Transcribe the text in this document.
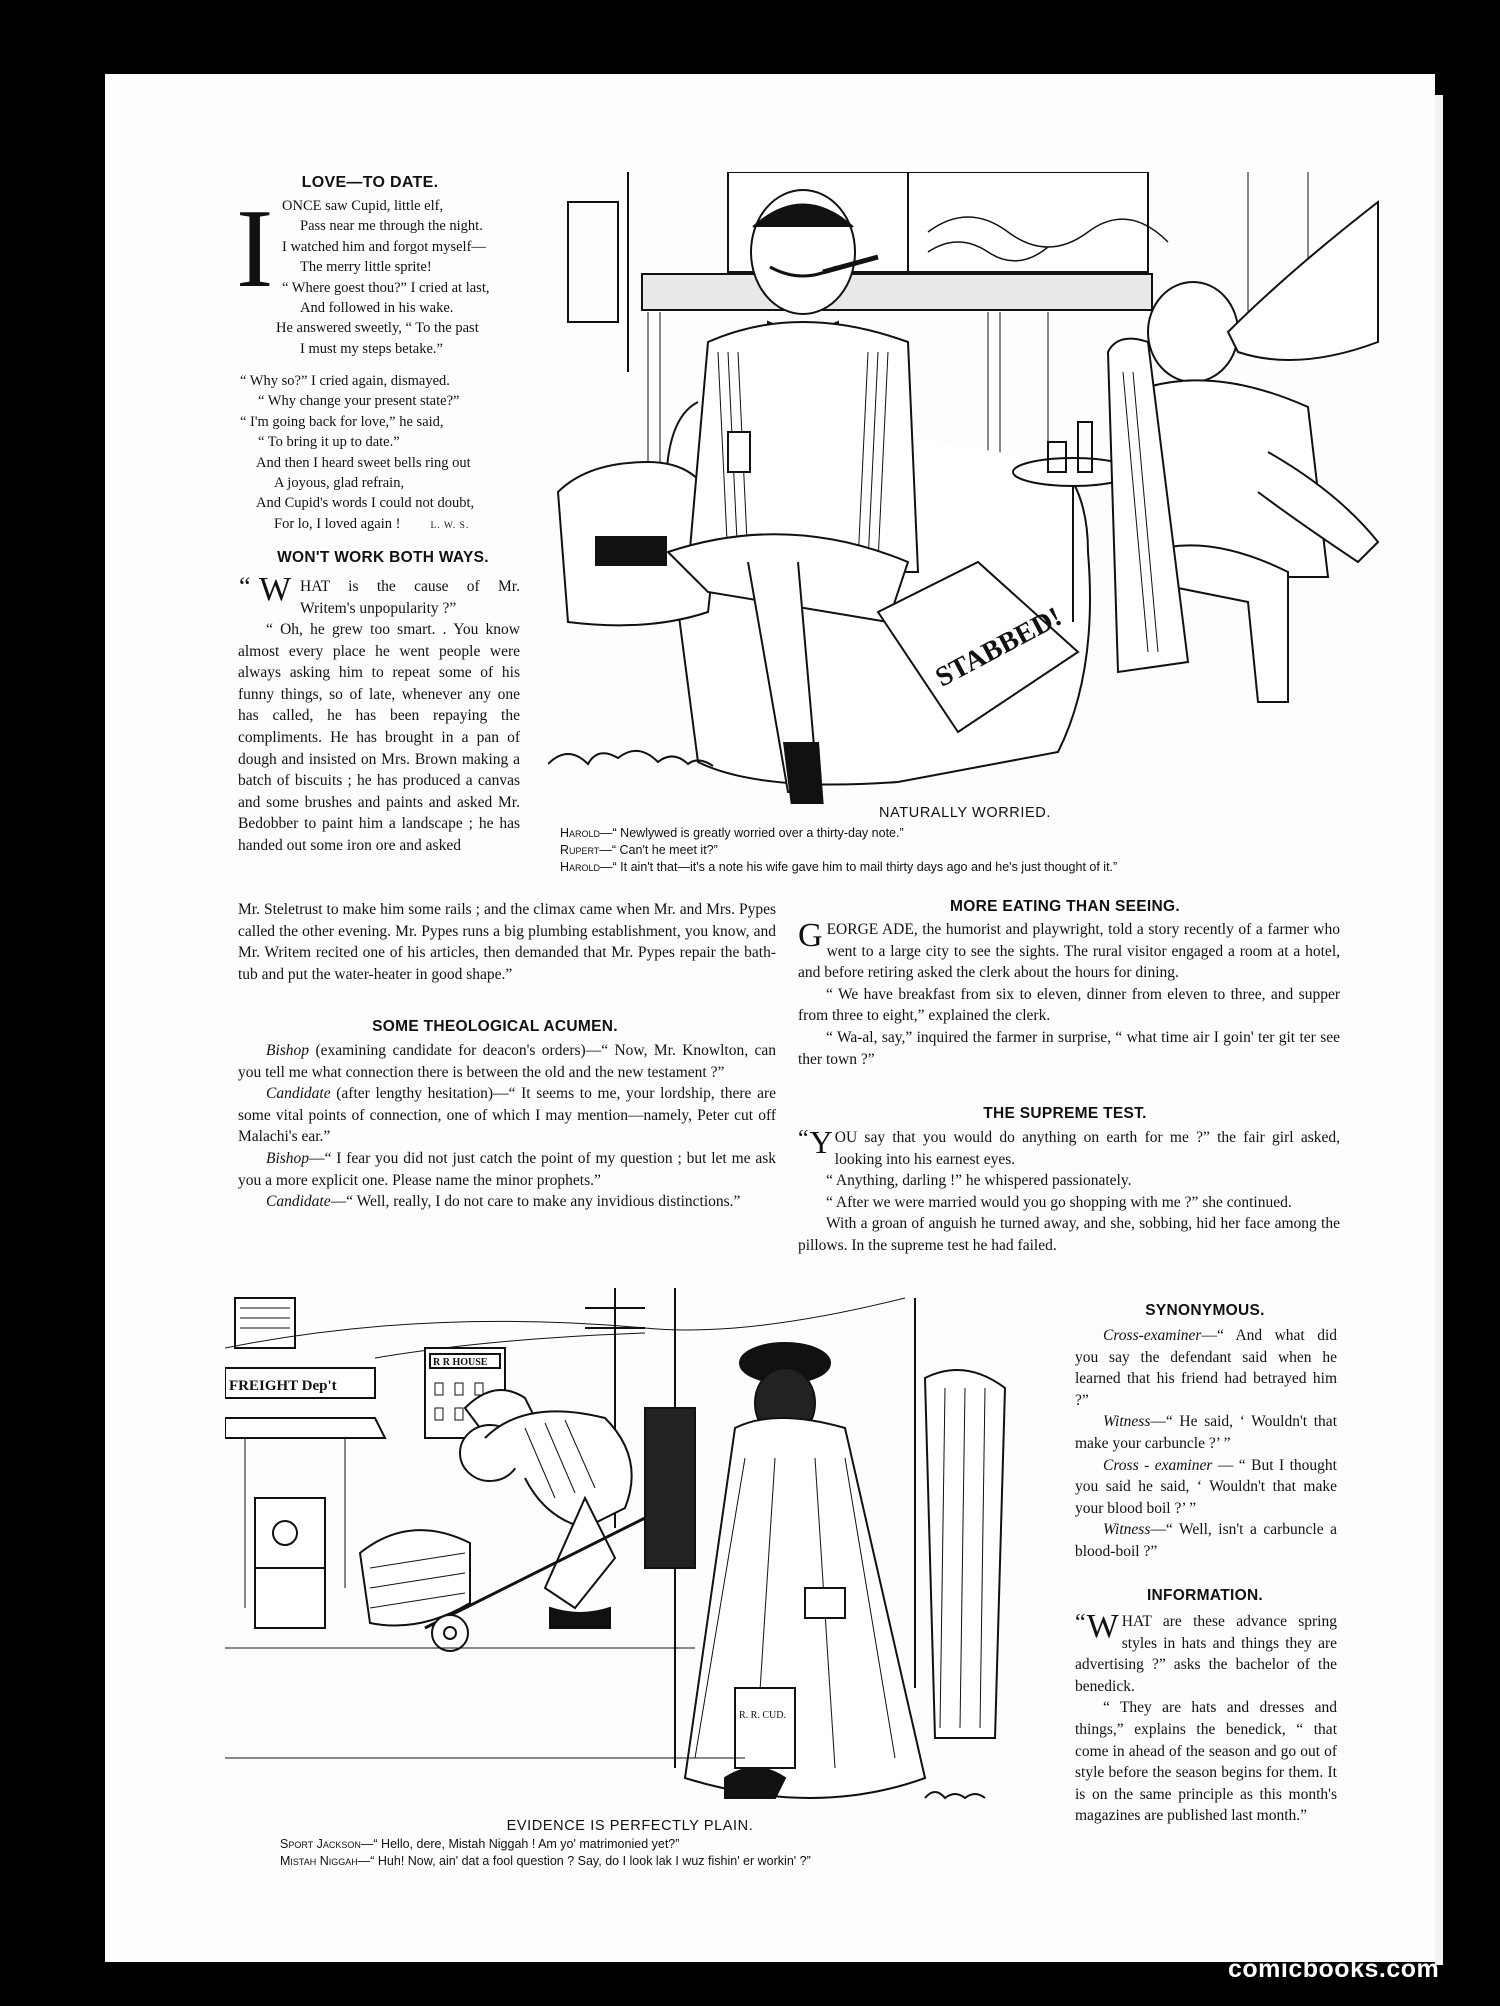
LOVE—TO DATE.
I ONCE saw Cupid, little elf,
Pass near me through the night.
I watched him and forgot myself—
The merry little sprite!
“ Where goest thou?” I cried at last,
And followed in his wake.
He answered sweetly, “ To the past
I must my steps betake.”
“ Why so?” I cried again, dismayed.
“ Why change your present state?”
“ I'm going back for love,” he said,
“ To bring it up to date.”
And then I heard sweet bells ring out
A joyous, glad refrain,
And Cupid's words I could not doubt,
For lo, I loved again !	L. W. S.
WON'T WORK BOTH WAYS.
“ W HAT is the cause of Mr.
Writem's unpopularity ?”

“ Oh, he grew too smart. . You know almost every place he went people were always asking him to repeat some of his funny things, so of late, whenever any one has called, he has been repaying the compliments. He has brought in a pan of dough and insisted on Mrs. Brown making a batch of biscuits ; he has produced a canvas and some brushes and paints and asked Mr. Bedobber to paint him a landscape ; he has handed out some iron ore and asked

Mr. Steletrust to make him some rails ; and the climax came when Mr. and Mrs. Pypes called the other evening. Mr. Pypes runs a big plumbing establishment, you know, and Mr. Writem recited one of his articles, then demanded that Mr. Pypes repair the bath-tub and put the water-heater in good shape.”

STABBED!
NATURALLY WORRIED.
Harold—“ Newlywed is greatly worried over a thirty-day note.”
Rupert—“ Can't he meet it?”
Harold—“ It ain't that—it's a note his wife gave him to mail thirty days ago and he's just thought of it.”
SOME THEOLOGICAL ACUMEN.

Bishop (examining candidate for deacon's orders)—“ Now, Mr. Knowlton, can you tell me what connection there is between the old and the new testament ?”

Candidate (after lengthy hesitation)—“ It seems to me, your lordship, there are some vital points of connection, one of which I may mention—namely, Peter cut off Malachi's ear.”

Bishop—“ I fear you did not just catch the point of my question ; but let me ask you a more explicit one. Please name the minor prophets.”

Candidate—“ Well, really, I do not care to make any invidious distinctions.”

MORE EATING THAN SEEING.
G EORGE ADE, the humorist and playwright, told a story recently of a farmer who went to a large city to see the sights. The rural visitor engaged a room at a hotel, and before retiring asked the clerk about the hours for dining.

“ We have breakfast from six to eleven, dinner from eleven to three, and supper from three to eight,” explained the clerk.

“ Wa-al, say,” inquired the farmer in surprise, “ what time air I goin' ter git ter see ther town ?”

THE SUPREME TEST.
“ Y OU say that you would do anything on earth for me ?” the fair girl asked, looking into his earnest eyes.

“ Anything, darling !” he whispered passionately.

“ After we were married would you go shopping with me ?” she continued.

With a groan of anguish he turned away, and she, sobbing, hid her face among the pillows. In the supreme test he had failed.

FREIGHT Dep't
R R HOUSE
R. R. CUD.
EVIDENCE IS PERFECTLY PLAIN.
Sport Jackson—“ Hello, dere, Mistah Niggah ! Am yo' matrimonied yet?”
Mistah Niggah—“ Huh! Now, ain' dat a fool question ? Say, do I look lak I wuz fishin' er workin' ?”
SYNONYMOUS.

Cross-examiner—“ And what did you say the defendant said when he learned that his friend had betrayed him ?”

Witness—“ He said, ‘ Wouldn't that make your carbuncle ?’ ”

Cross - examiner — “ But I thought you said he said, ‘ Wouldn't that make your blood boil ?’ ”

Witness—“ Well, isn't a carbuncle a blood-boil ?”

INFORMATION.
“ W HAT are these advance spring styles in hats and things they are advertising ?” asks the bachelor of the benedick.

“ They are hats and dresses and things,” explains the benedick, “ that come in ahead of the season and go out of style before the season begins for them. It is on the same principle as this month's magazines are published last month.”

comicbooks.com
